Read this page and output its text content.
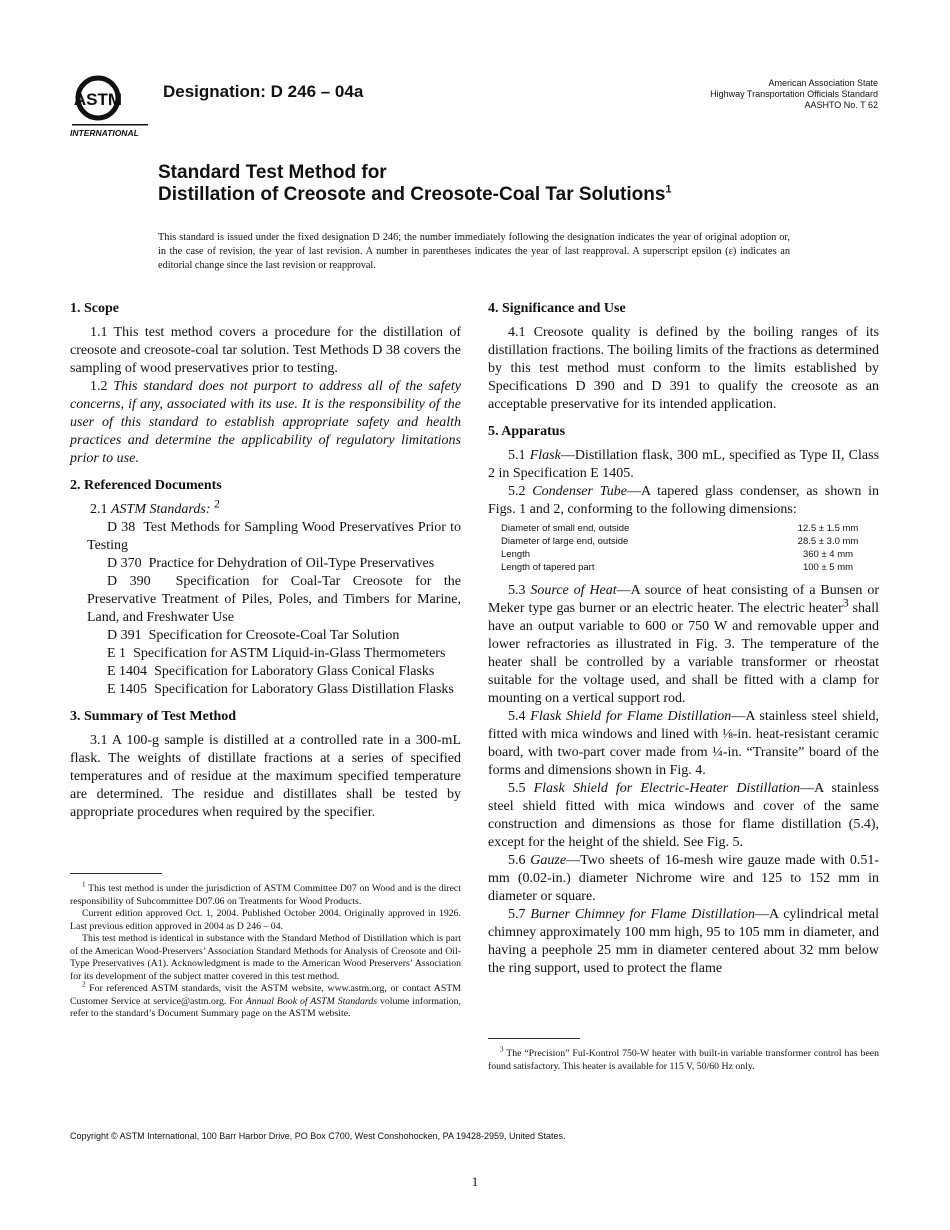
ASTM
INTERNATIONAL
Designation: D 246 – 04a	American Association State
Highway Transportation Officials Standard
AASHTO No. T 62
Standard Test Method for
Distillation of Creosote and Creosote-Coal Tar Solutions$^1$
This standard is issued under the fixed designation D 246; the number immediately following the designation indicates the year of original adoption or, in the case of revision, the year of last revision. A number in parentheses indicates the year of last reapproval. A superscript epsilon (ε) indicates an editorial change since the last revision or reapproval.
1. Scope

1.1 This test method covers a procedure for the distillation of creosote and creosote-coal tar solution. Test Methods D 38 covers the sampling of wood preservatives prior to testing.

1.2 This standard does not purport to address all of the safety concerns, if any, associated with its use. It is the responsibility of the user of this standard to establish appropriate safety and health practices and determine the applicability of regulatory limitations prior to use.

2. Referenced Documents

2.1 ASTM Standards: $^2$

D 38 Test Methods for Sampling Wood Preservatives Prior to Testing

D 370 Practice for Dehydration of Oil-Type Preservatives

D 390 Specification for Coal-Tar Creosote for the Preservative Treatment of Piles, Poles, and Timbers for Marine, Land, and Freshwater Use

D 391 Specification for Creosote-Coal Tar Solution

E 1 Specification for ASTM Liquid-in-Glass Thermometers

E 1404 Specification for Laboratory Glass Conical Flasks

E 1405 Specification for Laboratory Glass Distillation Flasks

3. Summary of Test Method

3.1 A 100-g sample is distilled at a controlled rate in a 300-mL flask. The weights of distillate fractions at a series of specified temperatures and of residue at the maximum specified temperature are determined. The residue and distillates shall be tested by appropriate procedures when required by the specifier.

$^1$ This test method is under the jurisdiction of ASTM Committee D07 on Wood and is the direct responsibility of Subcommittee D07.06 on Treatments for Wood Products.

Current edition approved Oct. 1, 2004. Published October 2004. Originally approved in 1926. Last previous edition approved in 2004 as D 246 – 04.

This test method is identical in substance with the Standard Method of Distillation which is part of the American Wood-Preservers’ Association Standard Methods for Analysis of Creosote and Oil-Type Preservatives (A1). Acknowledgment is made to the American Wood Preservers’ Association for its development of the subject matter covered in this test method.

$^2$ For referenced ASTM standards, visit the ASTM website, www.astm.org, or contact ASTM Customer Service at service@astm.org. For Annual Book of ASTM Standards volume information, refer to the standard’s Document Summary page on the ASTM website.

4. Significance and Use

4.1 Creosote quality is defined by the boiling ranges of its distillation fractions. The boiling limits of the fractions as determined by this test method must conform to the limits established by Specifications D 390 and D 391 to qualify the creosote as an acceptable preservative for its intended application.

5. Apparatus

5.1 Flask—Distillation flask, 300 mL, specified as Type II, Class 2 in Specification E 1405.

5.2 Condenser Tube—A tapered glass condenser, as shown in Figs. 1 and 2, conforming to the following dimensions:

Diameter of small end, outside	12.5 ± 1.5 mm
Diameter of large end, outside	28.5 ± 3.0 mm
Length	360 ± 4 mm
Length of tapered part	100 ± 5 mm

5.3 Source of Heat—A source of heat consisting of a Bunsen or Meker type gas burner or an electric heater. The electric heater$^3$ shall have an output variable to 600 or 750 W and removable upper and lower refractories as illustrated in Fig. 3. The temperature of the heater shall be controlled by a variable transformer or rheostat suitable for the voltage used, and shall be fitted with a clamp for mounting on a vertical support rod.

5.4 Flask Shield for Flame Distillation—A stainless steel shield, fitted with mica windows and lined with ⅛-in. heat-resistant ceramic board, with two-part cover made from ¼-in. “Transite” board of the forms and dimensions shown in Fig. 4.

5.5 Flask Shield for Electric-Heater Distillation—A stainless steel shield fitted with mica windows and cover of the same construction and dimensions as those for flame distillation (5.4), except for the height of the shield. See Fig. 5.

5.6 Gauze—Two sheets of 16-mesh wire gauze made with 0.51-mm (0.02-in.) diameter Nichrome wire and 125 to 152 mm in diameter or square.

5.7 Burner Chimney for Flame Distillation—A cylindrical metal chimney approximately 100 mm high, 95 to 105 mm in diameter, and having a peephole 25 mm in diameter centered about 32 mm below the ring support, used to protect the flame

$^3$ The “Precision” Ful-Kontrol 750-W heater with built-in variable transformer control has been found satisfactory. This heater is available for 115 V, 50/60 Hz only.

Copyright © ASTM International, 100 Barr Harbor Drive, PO Box C700, West Conshohocken, PA 19428-2959, United States.
1
